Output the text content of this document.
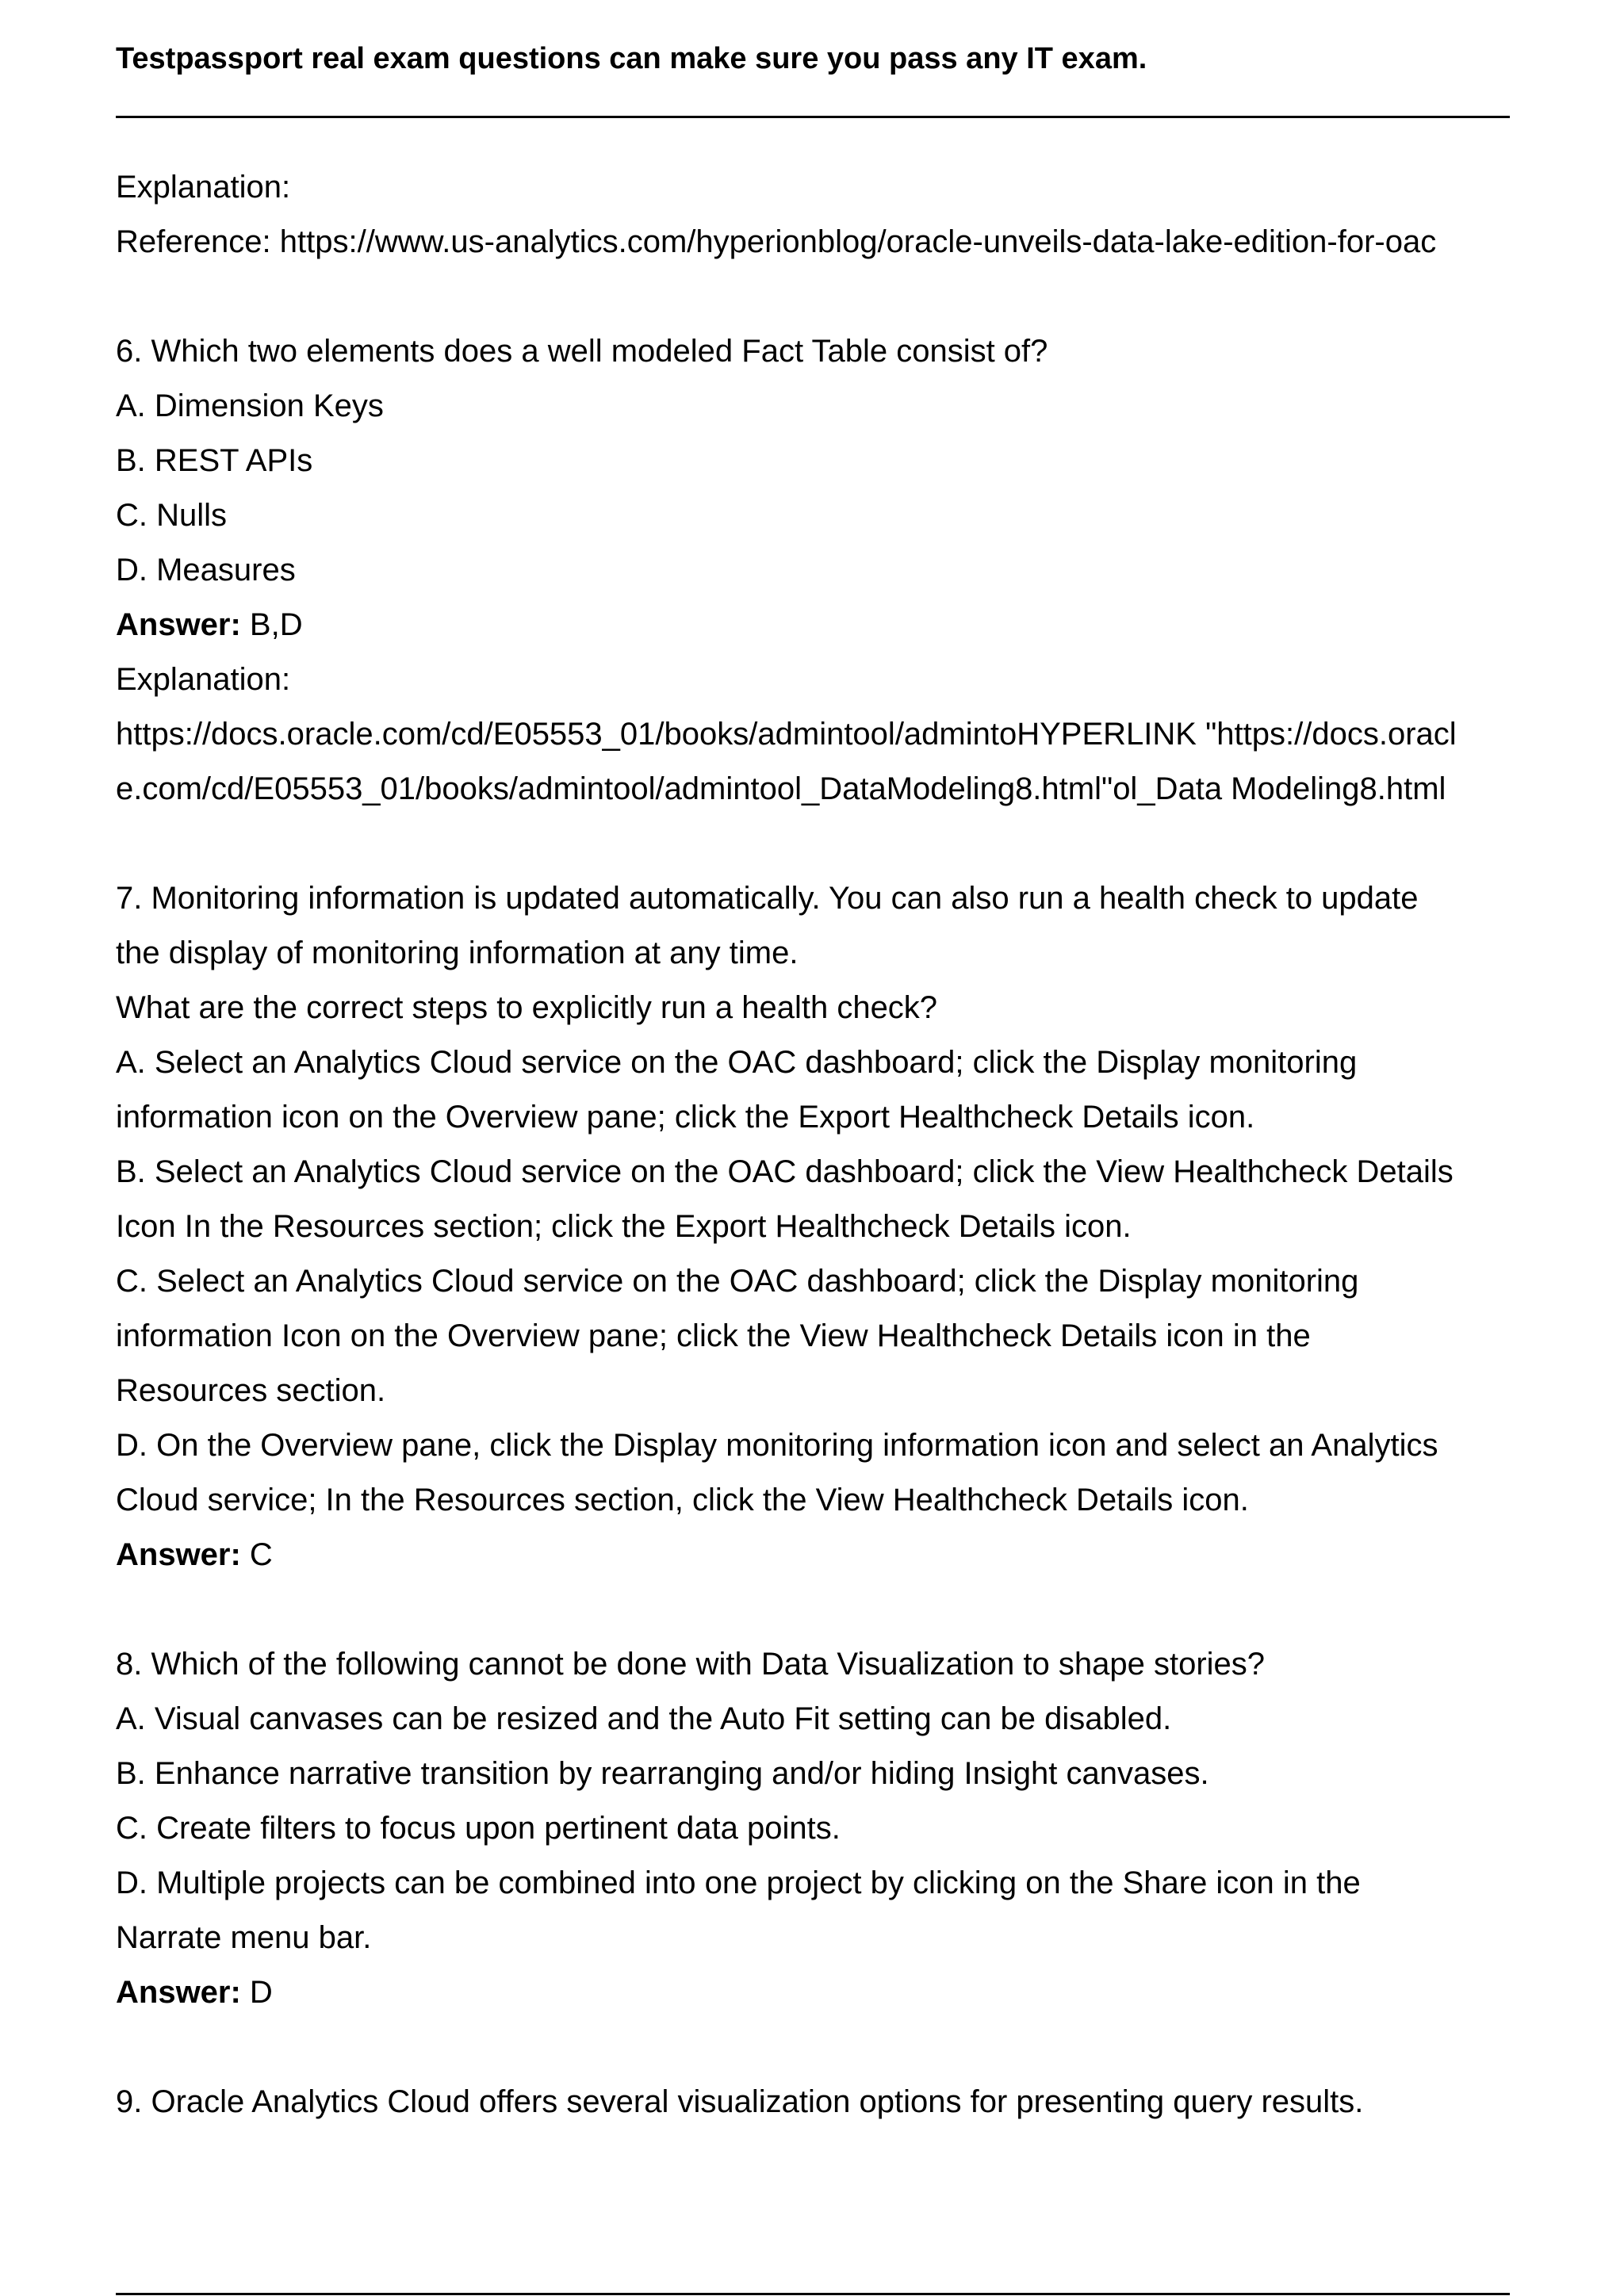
Testpassport real exam questions can make sure you pass any IT exam.
Explanation:
Reference: https://www.us-analytics.com/hyperionblog/oracle-unveils-data-lake-edition-for-oac
6. Which two elements does a well modeled Fact Table consist of?
A. Dimension Keys
B. REST APIs
C. Nulls
D. Measures
Answer: B,D
Explanation:
https://docs.oracle.com/cd/E05553_01/books/admintool/admintoHYPERLINK "https://docs.oracl
e.com/cd/E05553_01/books/admintool/admintool_DataModeling8.html"ol_Data Modeling8.html
7. Monitoring information is updated automatically. You can also run a health check to update
the display of monitoring information at any time.
What are the correct steps to explicitly run a health check?
A. Select an Analytics Cloud service on the OAC dashboard; click the Display monitoring
information icon on the Overview pane; click the Export Healthcheck Details icon.
B. Select an Analytics Cloud service on the OAC dashboard; click the View Healthcheck Details
Icon In the Resources section; click the Export Healthcheck Details icon.
C. Select an Analytics Cloud service on the OAC dashboard; click the Display monitoring
information Icon on the Overview pane; click the View Healthcheck Details icon in the
Resources section.
D. On the Overview pane, click the Display monitoring information icon and select an Analytics
Cloud service; In the Resources section, click the View Healthcheck Details icon.
Answer: C
8. Which of the following cannot be done with Data Visualization to shape stories?
A. Visual canvases can be resized and the Auto Fit setting can be disabled.
B. Enhance narrative transition by rearranging and/or hiding Insight canvases.
C. Create filters to focus upon pertinent data points.
D. Multiple projects can be combined into one project by clicking on the Share icon in the
Narrate menu bar.
Answer: D
9. Oracle Analytics Cloud offers several visualization options for presenting query results.
